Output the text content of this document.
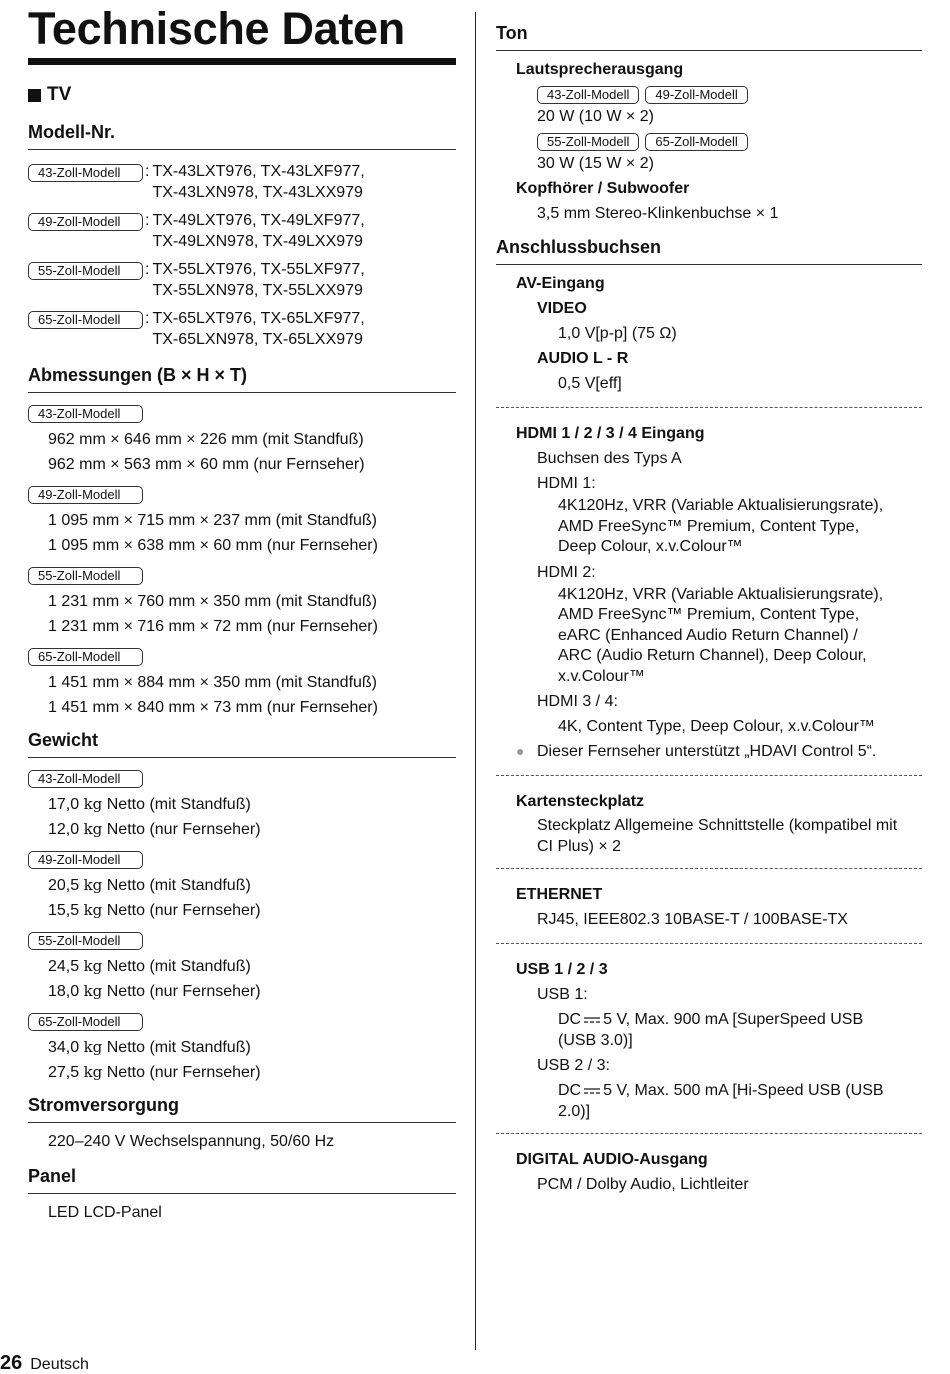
Technische Daten
TV
Modell-Nr.
43-Zoll-Modell	: TX-43LXT976, TX-43LXF977,
TX-43LXN978, TX-43LXX979
49-Zoll-Modell	: TX-49LXT976, TX-49LXF977,
TX-49LXN978, TX-49LXX979
55-Zoll-Modell	: TX-55LXT976, TX-55LXF977,
TX-55LXN978, TX-55LXX979
65-Zoll-Modell	: TX-65LXT976, TX-65LXF977,
TX-65LXN978, TX-65LXX979
Abmessungen (B × H × T)
43-Zoll-Modell
962 mm × 646 mm × 226 mm (mit Standfuß)
962 mm × 563 mm × 60 mm (nur Fernseher)
49-Zoll-Modell
1 095 mm × 715 mm × 237 mm (mit Standfuß)
1 095 mm × 638 mm × 60 mm (nur Fernseher)
55-Zoll-Modell
1 231 mm × 760 mm × 350 mm (mit Standfuß)
1 231 mm × 716 mm × 72 mm (nur Fernseher)
65-Zoll-Modell
1 451 mm × 884 mm × 350 mm (mit Standfuß)
1 451 mm × 840 mm × 73 mm (nur Fernseher)
Gewicht
43-Zoll-Modell
17,0 kg Netto (mit Standfuß)
12,0 kg Netto (nur Fernseher)
49-Zoll-Modell
20,5 kg Netto (mit Standfuß)
15,5 kg Netto (nur Fernseher)
55-Zoll-Modell
24,5 kg Netto (mit Standfuß)
18,0 kg Netto (nur Fernseher)
65-Zoll-Modell
34,0 kg Netto (mit Standfuß)
27,5 kg Netto (nur Fernseher)
Stromversorgung
220–240 V Wechselspannung, 50/60 Hz
Panel
LED LCD-Panel
Ton
Lautsprecherausgang
43-Zoll-Modell	49-Zoll-Modell
20 W (10 W × 2)
55-Zoll-Modell	65-Zoll-Modell
30 W (15 W × 2)
Kopfhörer / Subwoofer
3,5 mm Stereo-Klinkenbuchse × 1
Anschlussbuchsen
AV-Eingang
VIDEO
1,0 V[p-p] (75 Ω)
AUDIO L - R
0,5 V[eff]
HDMI 1 / 2 / 3 / 4 Eingang
Buchsen des Typs A
HDMI 1:
4K120Hz, VRR (Variable Aktualisierungsrate),
AMD FreeSync™ Premium, Content Type,
Deep Colour, x.v.Colour™
HDMI 2:
4K120Hz, VRR (Variable Aktualisierungsrate),
AMD FreeSync™ Premium, Content Type,
eARC (Enhanced Audio Return Channel) /
ARC (Audio Return Channel), Deep Colour,
x.v.Colour™
HDMI 3 / 4:
4K, Content Type, Deep Colour, x.v.Colour™
● Dieser Fernseher unterstützt „HDAVI Control 5“.
Kartensteckplatz
Steckplatz Allgemeine Schnittstelle (kompatibel mit
CI Plus) × 2
ETHERNET
RJ45, IEEE802.3 10BASE-T / 100BASE-TX
USB 1 / 2 / 3
USB 1:
DC 5 V, Max. 900 mA [SuperSpeed USB
(USB 3.0)]
USB 2 / 3:
DC 5 V, Max. 500 mA [Hi-Speed USB (USB
2.0)]
DIGITAL AUDIO-Ausgang
PCM / Dolby Audio, Lichtleiter
26 Deutsch
